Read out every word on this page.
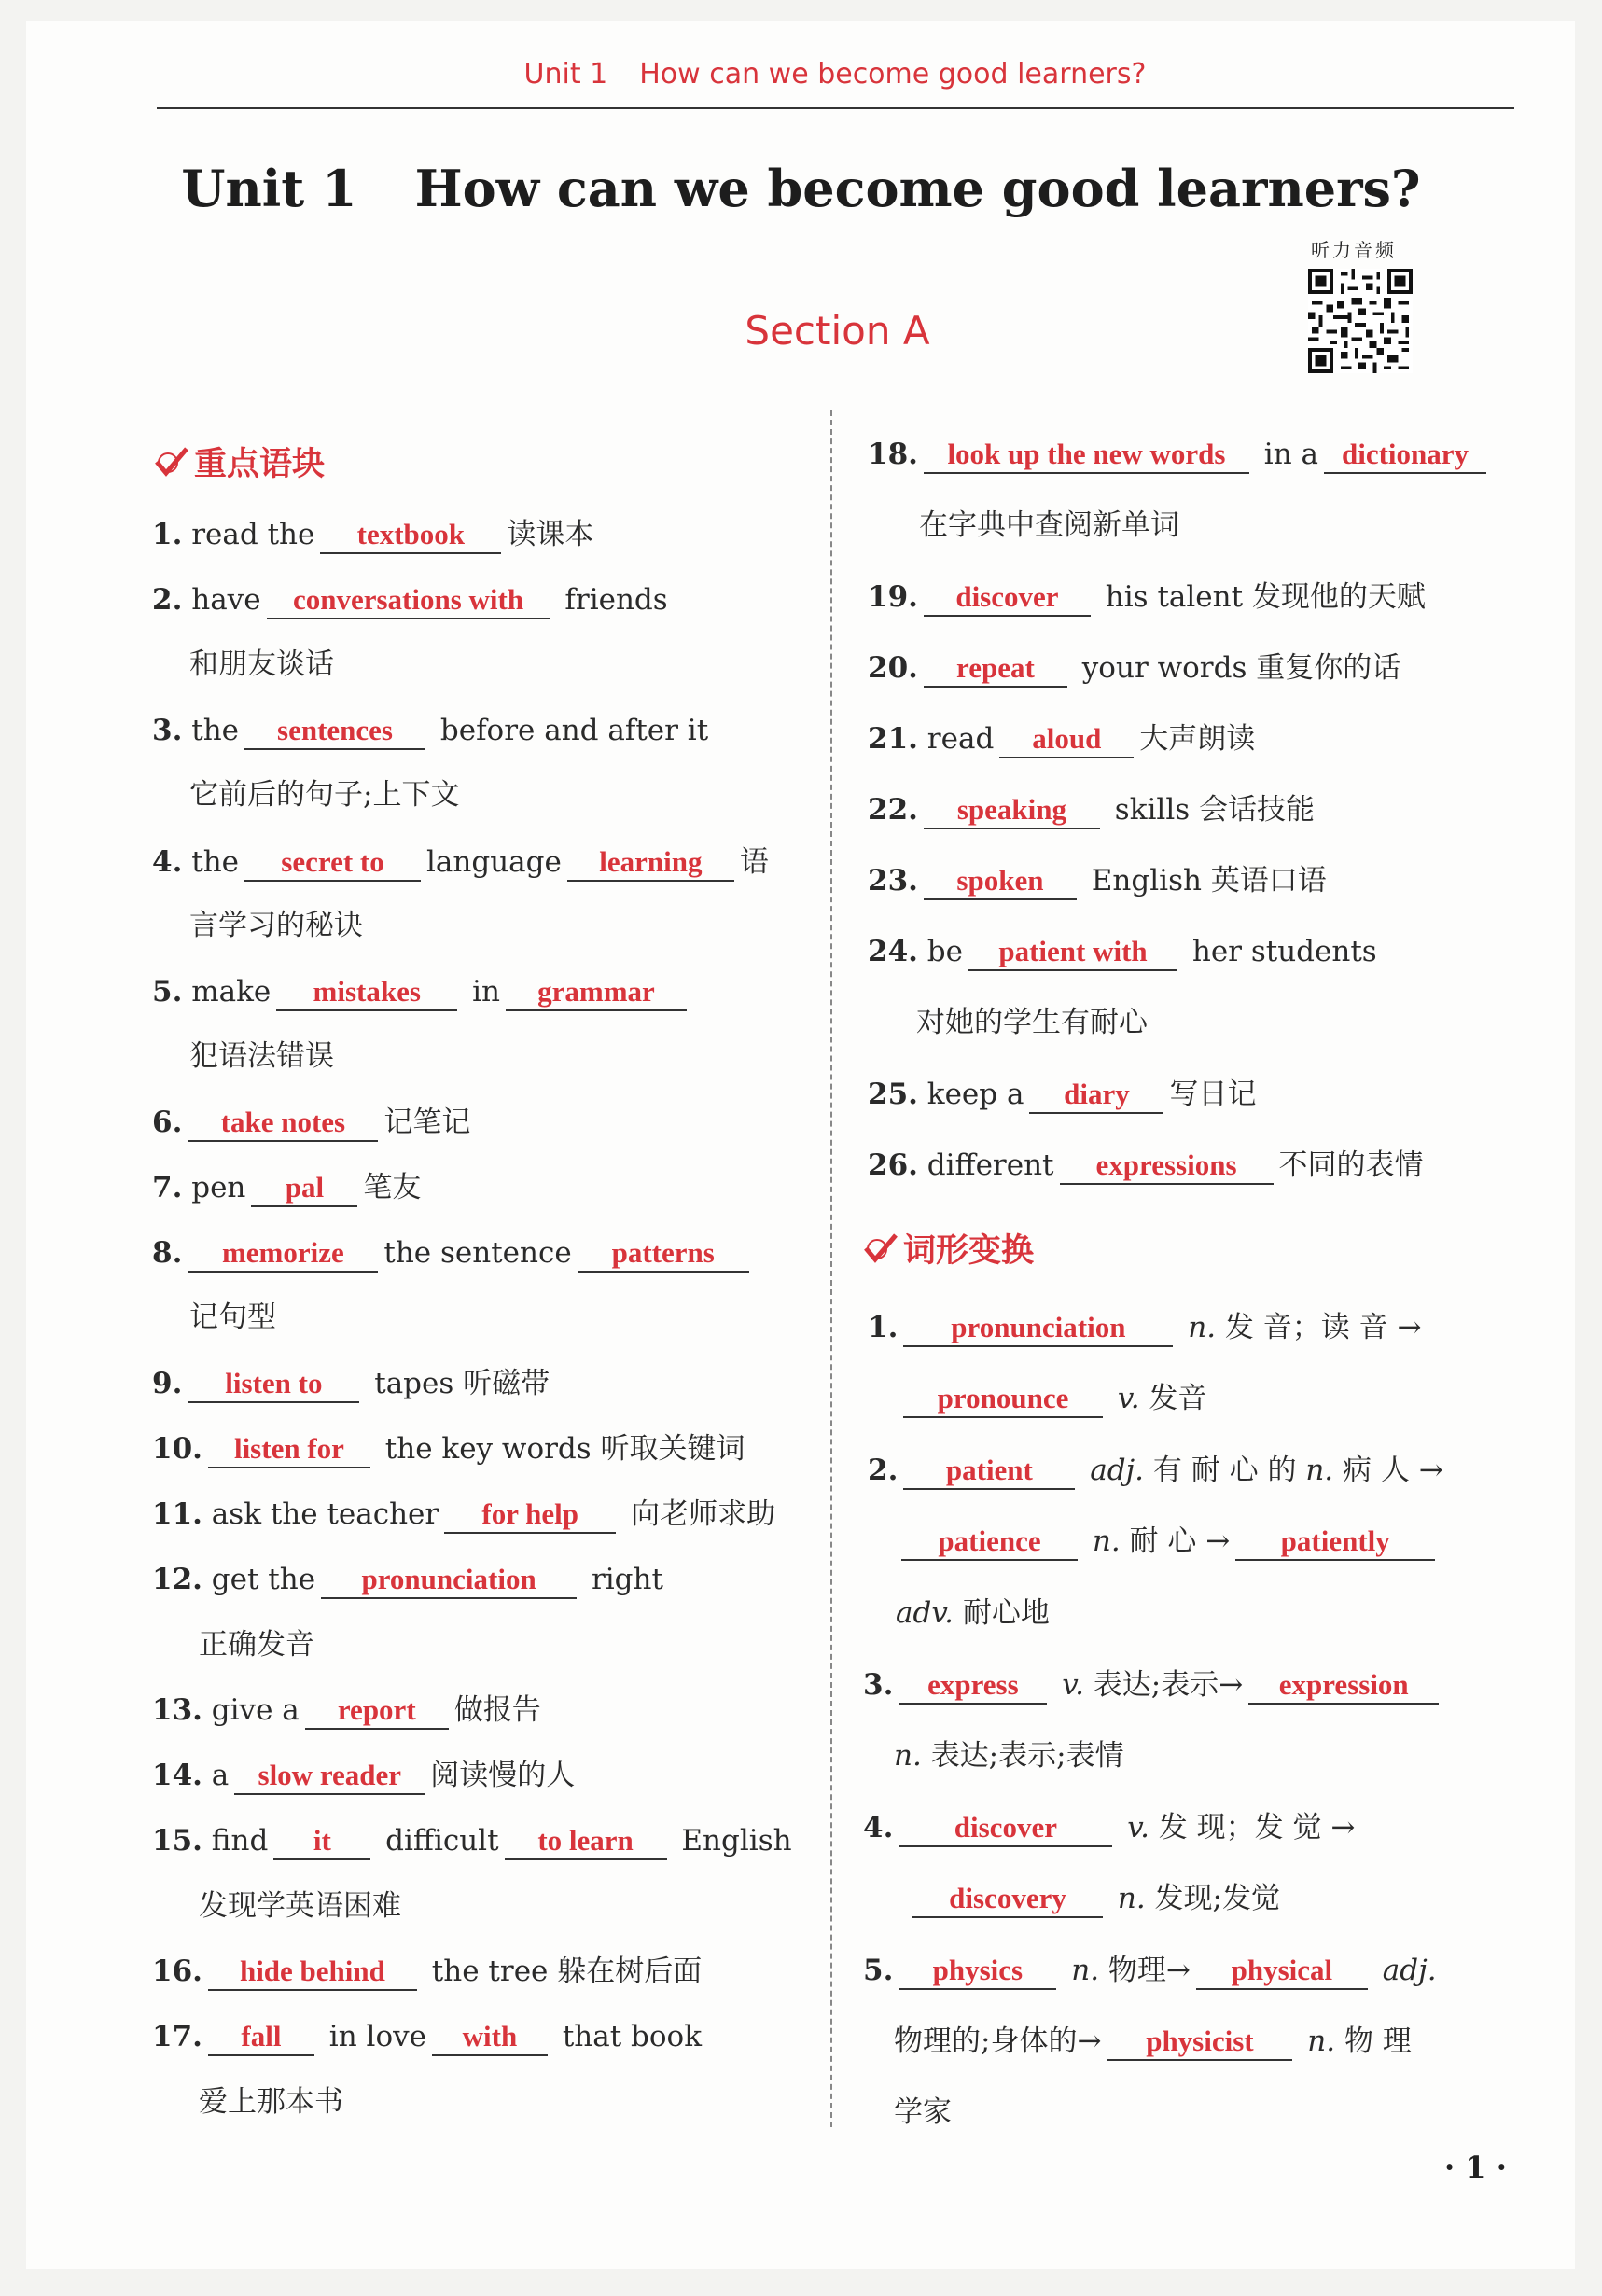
Unit 1 How can we become good learners?
Unit 1 How can we become good learners?
听力音频
Section A
重点语块
1. read the textbook 读课本
2. have conversations with friends
和朋友谈话
3. the sentences before and after it
它前后的句子;上下文
4. the secret to language learning 语
言学习的秘诀
5. make mistakes in grammar
犯语法错误
6. take notes 记笔记
7. pen pal 笔友
8. memorize the sentence patterns
记句型
9. listen to tapes 听磁带
10. listen for the key words 听取关键词
11. ask the teacher for help 向老师求助
12. get the pronunciation right
正确发音
13. give a report 做报告
14. a slow reader 阅读慢的人
15. find it difficult to learn English
发现学英语困难
16. hide behind the tree 躲在树后面
17. fall in love with that book
爱上那本书
18. look up the new words in a dictionary
在字典中查阅新单词
19. discover his talent 发现他的天赋
20. repeat your words 重复你的话
21. read aloud 大声朗读
22. speaking skills 会话技能
23. spoken English 英语口语
24. be patient with her students
对她的学生有耐心
25. keep a diary 写日记
26. different expressions 不同的表情
词形变换
1. pronunciation n. 发 音；读 音 →
pronounce v. 发音
2. patient adj. 有 耐 心 的 n. 病 人 →
patience n. 耐 心 → patiently
adv. 耐心地
3. express v. 表达;表示→ expression
n. 表达;表示;表情
4. discover v. 发 现；发 觉 →
discovery n. 发现;发觉
5. physics n. 物理→ physical adj.
物理的;身体的→ physicist n. 物 理
学家
· 1 ·
